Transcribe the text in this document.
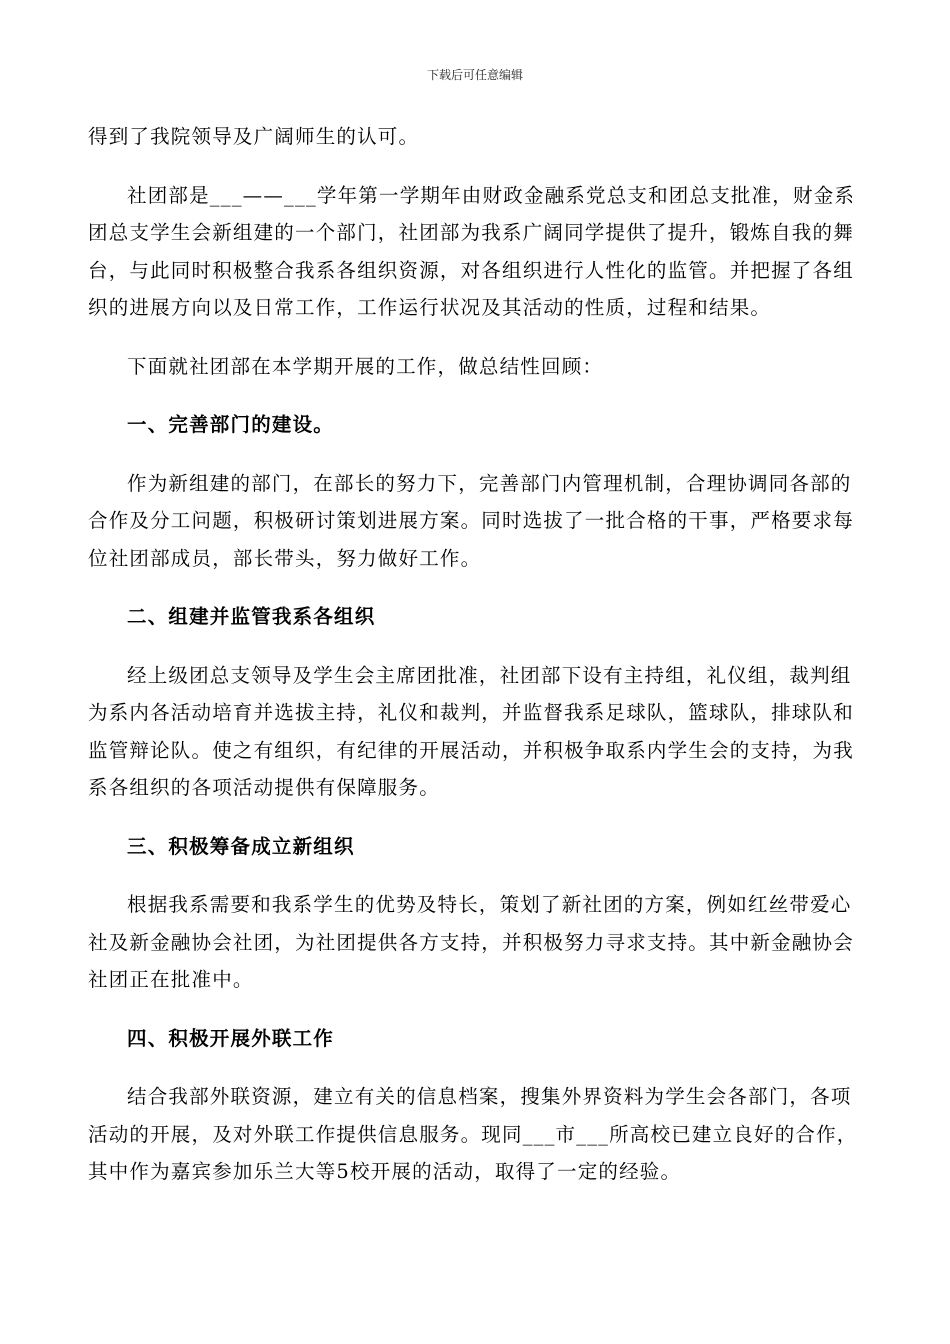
下载后可任意编辑

得到了我院领导及广阔师生的认可。

社团部是___——___学年第一学期年由财政金融系党总支和团总支批准，财金系团总支学生会新组建的一个部门，社团部为我系广阔同学提供了提升，锻炼自我的舞台，与此同时积极整合我系各组织资源，对各组织进行人性化的监管。并把握了各组织的进展方向以及日常工作，工作运行状况及其活动的性质，过程和结果。

下面就社团部在本学期开展的工作，做总结性回顾：

一、完善部门的建设。

作为新组建的部门，在部长的努力下，完善部门内管理机制，合理协调同各部的合作及分工问题，积极研讨策划进展方案。同时选拔了一批合格的干事，严格要求每位社团部成员，部长带头，努力做好工作。

二、组建并监管我系各组织

经上级团总支领导及学生会主席团批准，社团部下设有主持组，礼仪组，裁判组为系内各活动培育并选拔主持，礼仪和裁判，并监督我系足球队，篮球队，排球队和监管辩论队。使之有组织，有纪律的开展活动，并积极争取系内学生会的支持，为我系各组织的各项活动提供有保障服务。

三、积极筹备成立新组织

根据我系需要和我系学生的优势及特长，策划了新社团的方案，例如红丝带爱心社及新金融协会社团，为社团提供各方支持，并积极努力寻求支持。其中新金融协会社团正在批准中。

四、积极开展外联工作

结合我部外联资源，建立有关的信息档案，搜集外界资料为学生会各部门，各项活动的开展，及对外联工作提供信息服务。现同___市___所高校已建立良好的合作，其中作为嘉宾参加乐兰大等5校开展的活动，取得了一定的经验。
